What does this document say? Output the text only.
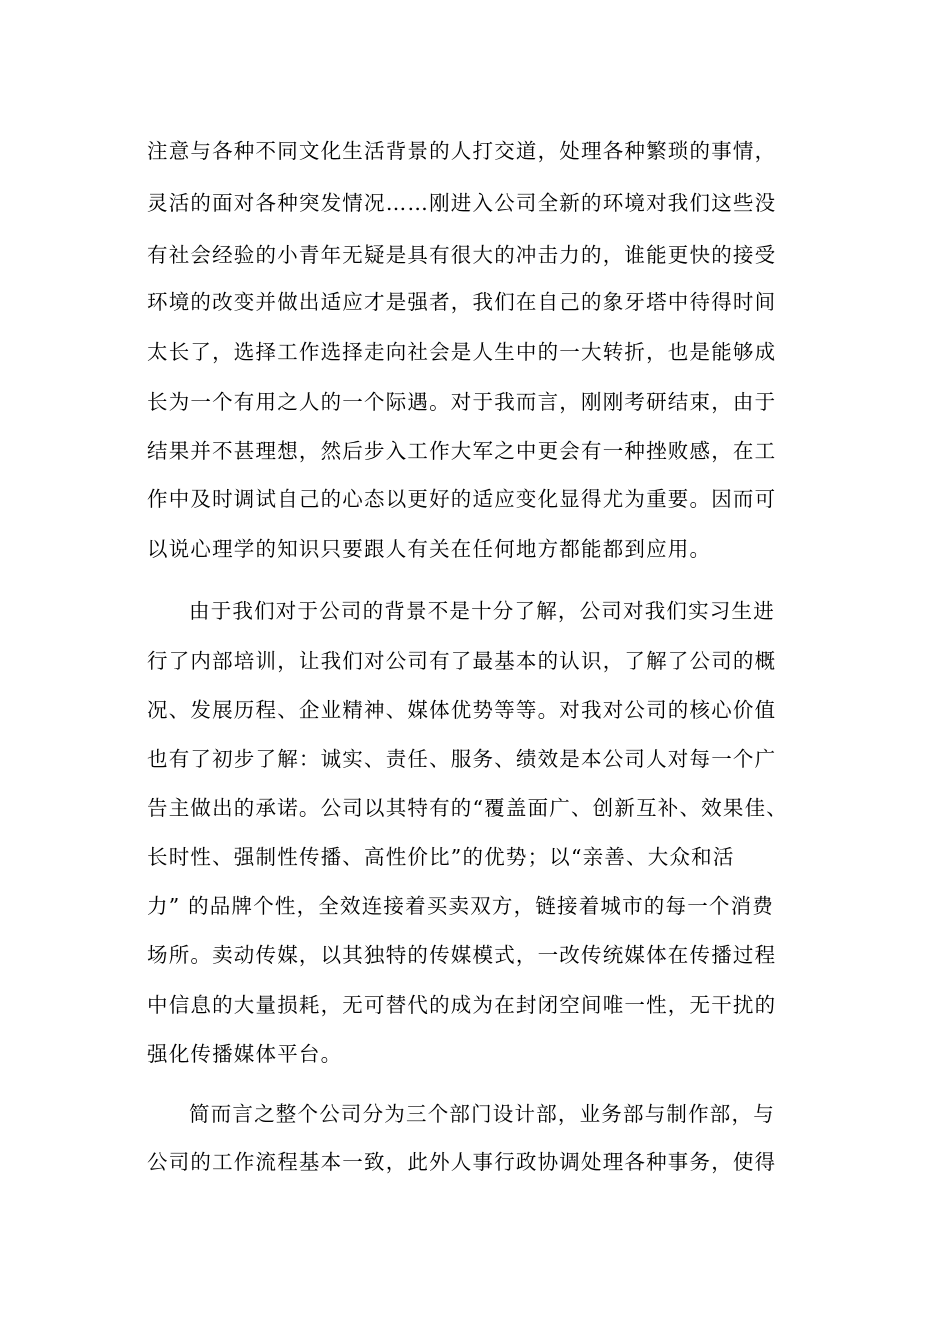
注意与各种不同文化生活背景的人打交道，处理各种繁琐的事情，
灵活的面对各种突发情况……刚进入公司全新的环境对我们这些没
有社会经验的小青年无疑是具有很大的冲击力的，谁能更快的接受
环境的改变并做出适应才是强者，我们在自己的象牙塔中待得时间
太长了，选择工作选择走向社会是人生中的一大转折，也是能够成
长为一个有用之人的一个际遇。对于我而言，刚刚考研结束，由于
结果并不甚理想，然后步入工作大军之中更会有一种挫败感，在工
作中及时调试自己的心态以更好的适应变化显得尤为重要。因而可
以说心理学的知识只要跟人有关在任何地方都能都到应用。
由于我们对于公司的背景不是十分了解，公司对我们实习生进
行了内部培训，让我们对公司有了最基本的认识，了解了公司的概
况、发展历程、企业精神、媒体优势等等。对我对公司的核心价值
也有了初步了解：诚实、责任、服务、绩效是本公司人对每一个广
告主做出的承诺。公司以其特有的“覆盖面广、创新互补、效果佳、
长时性、强制性传播、高性价比”的优势；以“亲善、大众和活
力” 的品牌个性，全效连接着买卖双方，链接着城市的每一个消费
场所。卖动传媒，以其独特的传媒模式，一改传统媒体在传播过程
中信息的大量损耗，无可替代的成为在封闭空间唯一性，无干扰的
强化传播媒体平台。
简而言之整个公司分为三个部门设计部，业务部与制作部，与
公司的工作流程基本一致，此外人事行政协调处理各种事务，使得
